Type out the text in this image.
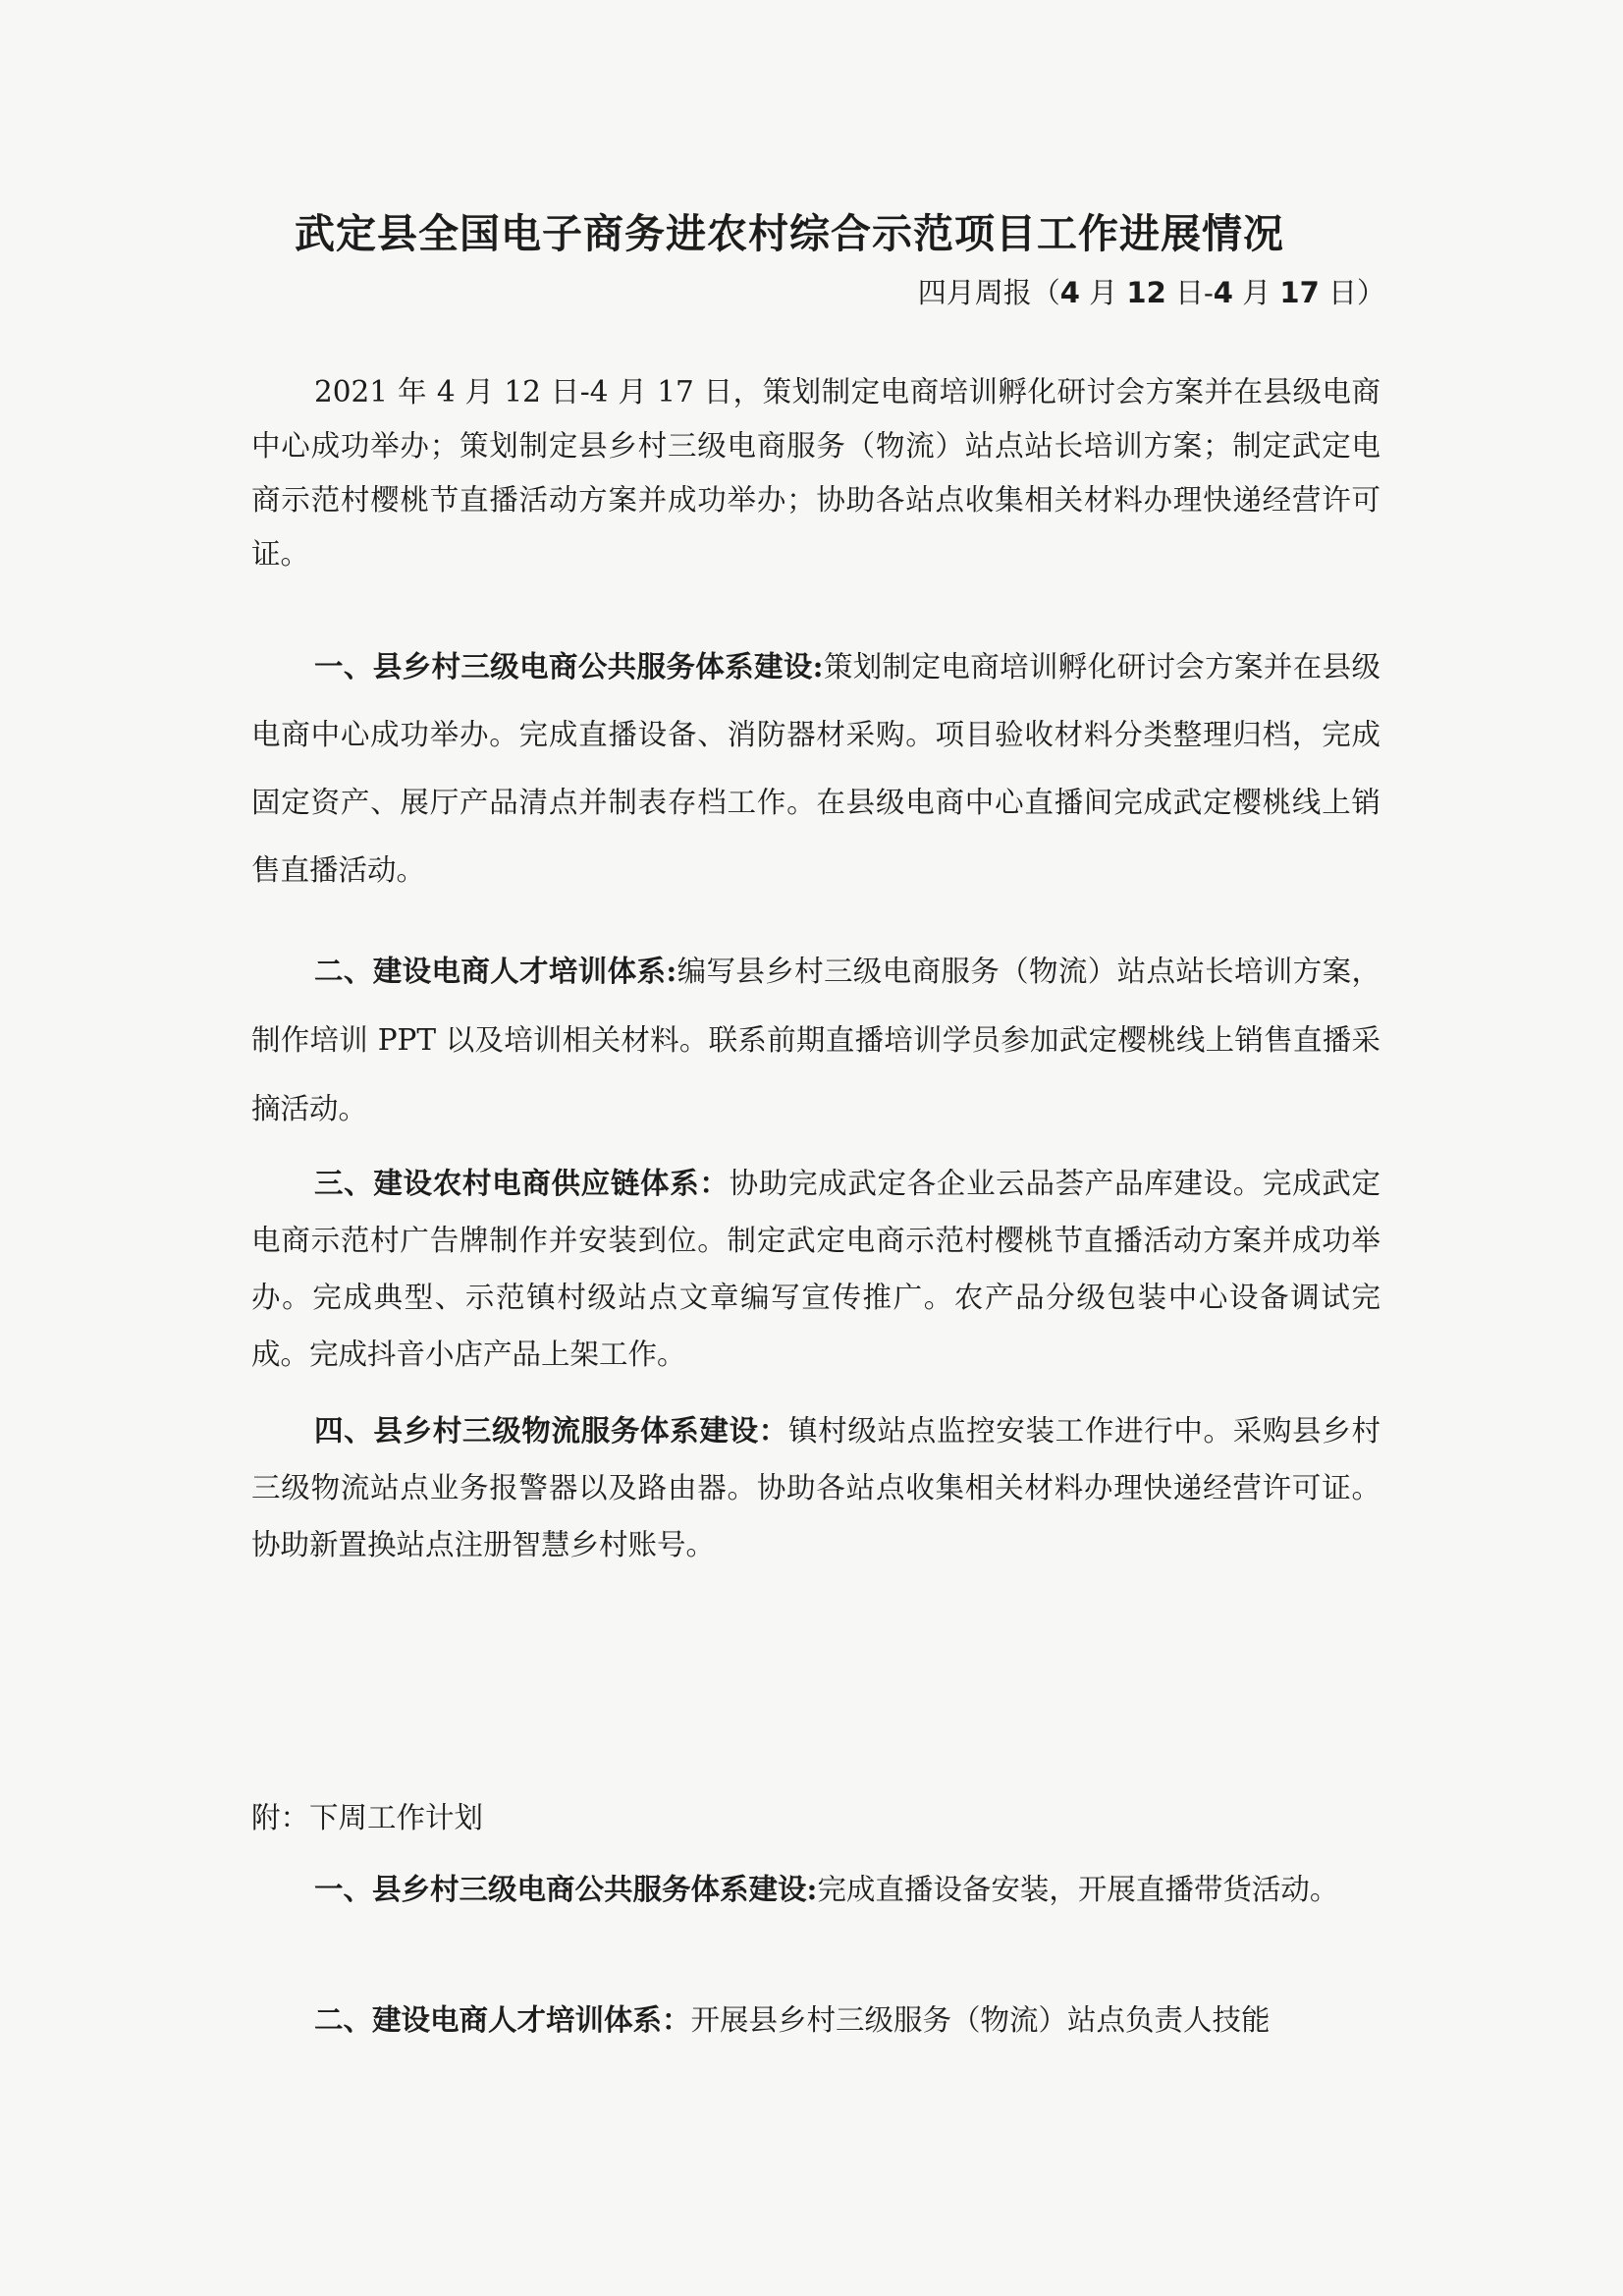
武定县全国电子商务进农村综合示范项目工作进展情况
四月周报（4 月 12 日-4 月 17 日）

2021 年 4 月 12 日-4 月 17 日，策划制定电商培训孵化研讨会方案并在县级电商中心成功举办；策划制定县乡村三级电商服务（物流）站点站长培训方案；制定武定电商示范村樱桃节直播活动方案并成功举办；协助各站点收集相关材料办理快递经营许可证。

一、县乡村三级电商公共服务体系建设:策划制定电商培训孵化研讨会方案并在县级电商中心成功举办。完成直播设备、消防器材采购。项目验收材料分类整理归档，完成固定资产、展厅产品清点并制表存档工作。在县级电商中心直播间完成武定樱桃线上销售直播活动。

二、建设电商人才培训体系:编写县乡村三级电商服务（物流）站点站长培训方案，制作培训 PPT 以及培训相关材料。联系前期直播培训学员参加武定樱桃线上销售直播采摘活动。

三、建设农村电商供应链体系：协助完成武定各企业云品荟产品库建设。完成武定电商示范村广告牌制作并安装到位。制定武定电商示范村樱桃节直播活动方案并成功举办。完成典型、示范镇村级站点文章编写宣传推广。农产品分级包装中心设备调试完成。完成抖音小店产品上架工作。

四、县乡村三级物流服务体系建设：镇村级站点监控安装工作进行中。采购县乡村三级物流站点业务报警器以及路由器。协助各站点收集相关材料办理快递经营许可证。协助新置换站点注册智慧乡村账号。

附：下周工作计划

一、县乡村三级电商公共服务体系建设:完成直播设备安装，开展直播带货活动。

二、建设电商人才培训体系：开展县乡村三级服务（物流）站点负责人技能
